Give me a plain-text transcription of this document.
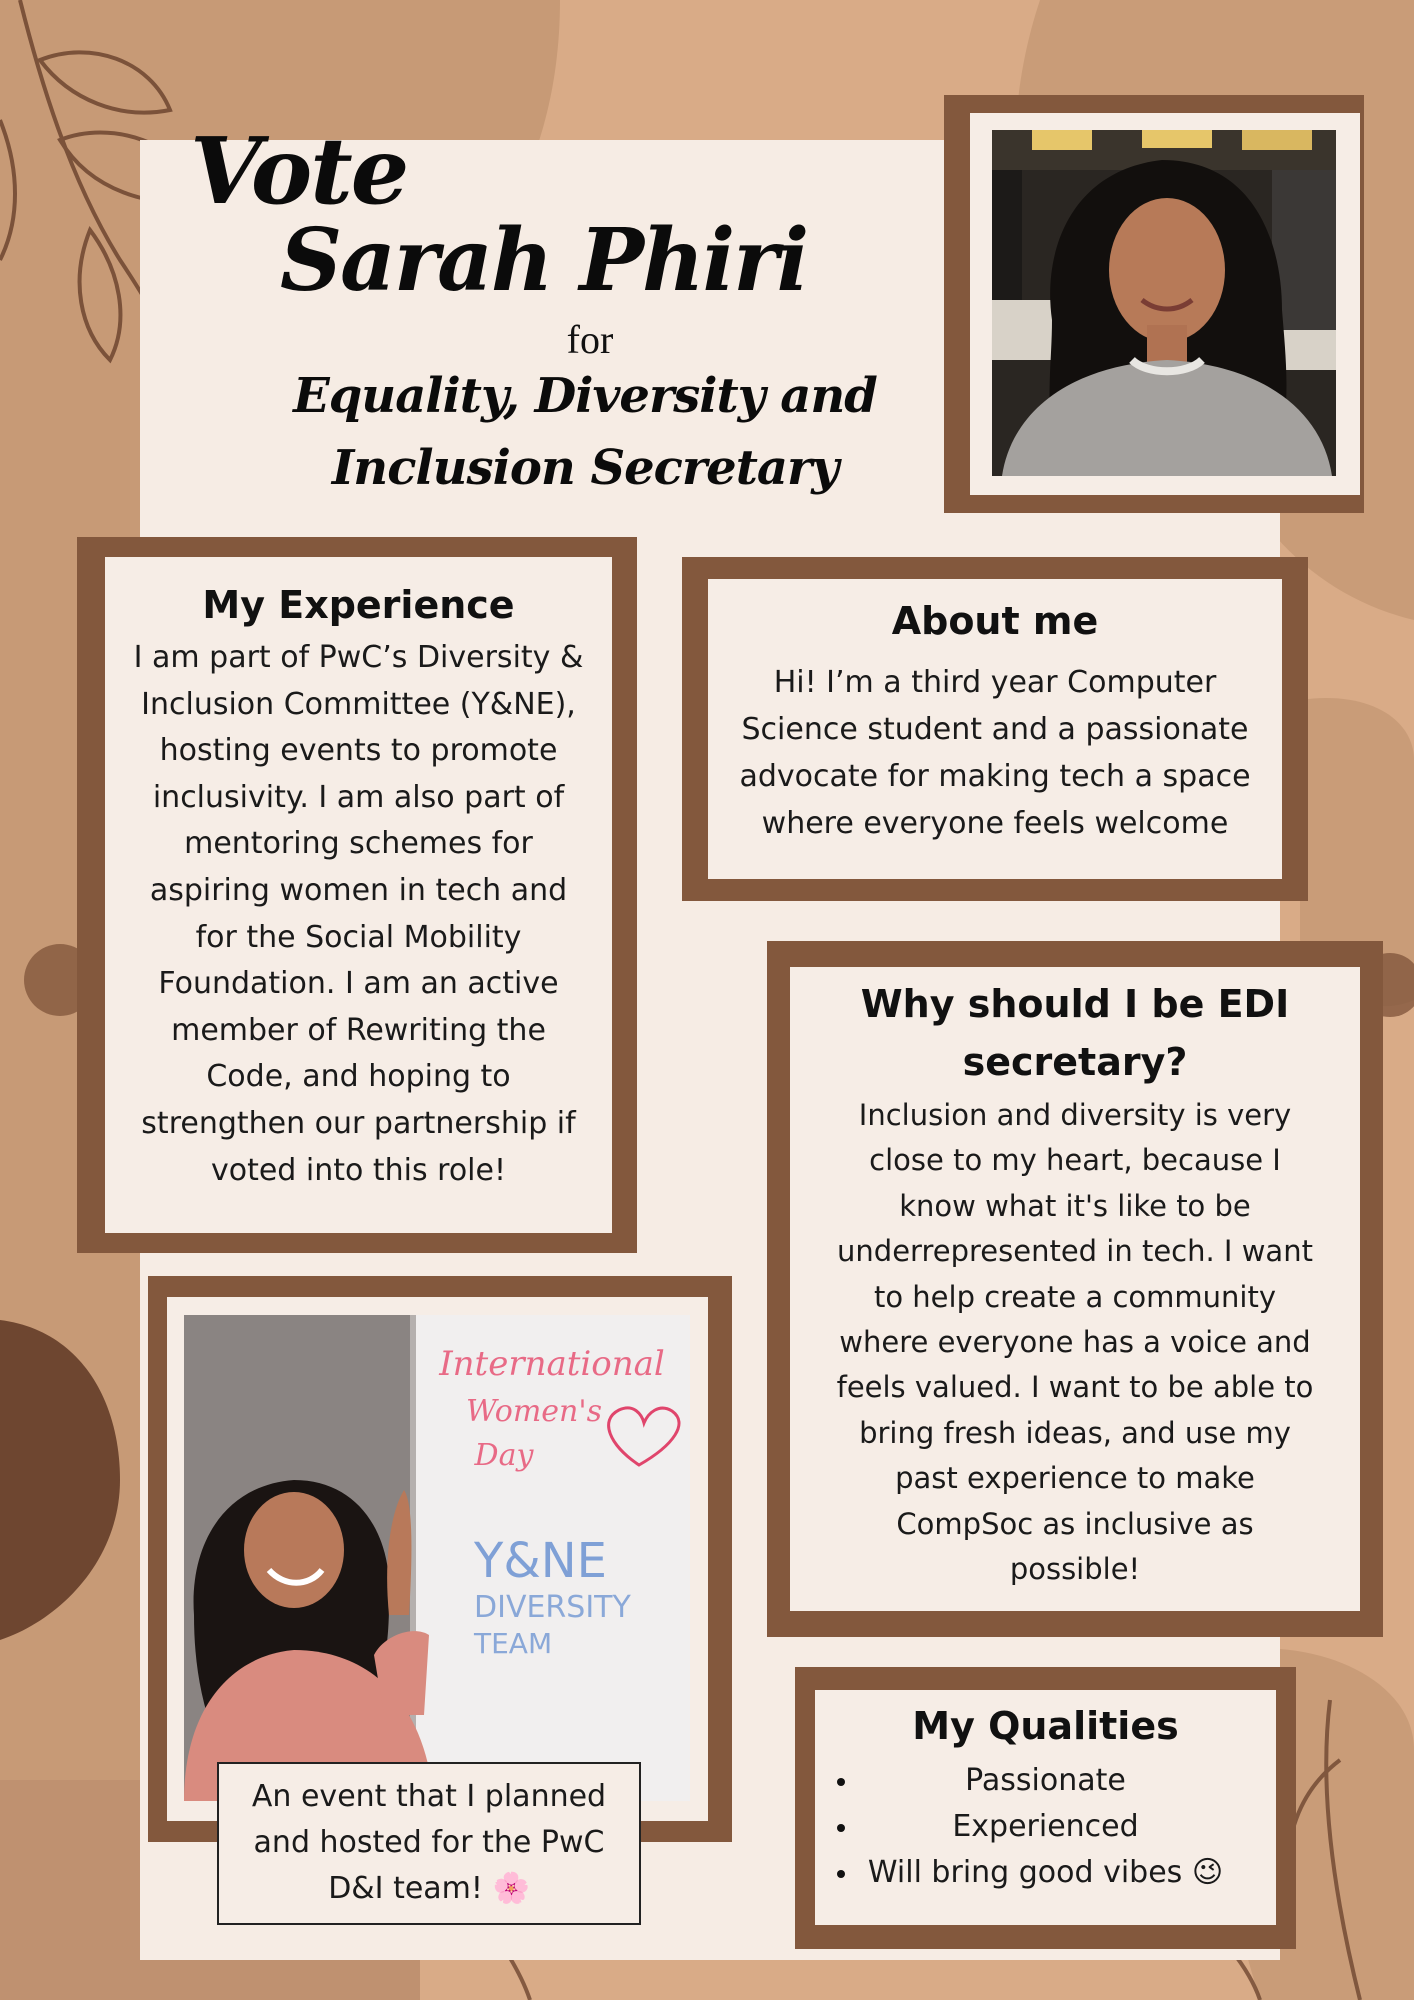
Vote
Sarah Phiri
for
Equality, Diversity and
Inclusion Secretary
My Experience
I am part of PwC’s Diversity &
Inclusion Committee (Y&NE),
hosting events to promote
inclusivity. I am also part of
mentoring schemes for
aspiring women in tech and
for the Social Mobility
Foundation. I am an active
member of Rewriting the
Code, and hoping to
strengthen our partnership if
voted into this role!
About me
Hi! I’m a third year Computer
Science student and a passionate
advocate for making tech a space
where everyone feels welcome
Why should I be EDI
secretary?
Inclusion and diversity is very
close to my heart, because I
know what it's like to be
underrepresented in tech. I want
to help create a community
where everyone has a voice and
feels valued. I want to be able to
bring fresh ideas, and use my
past experience to make
CompSoc as inclusive as
possible!
International
Women's
Day
Y&NE
DIVERSITY
TEAM
An event that I planned
and hosted for the PwC
D&I team! 🌸
My Qualities
Passionate
Experienced
Will bring good vibes 😉
